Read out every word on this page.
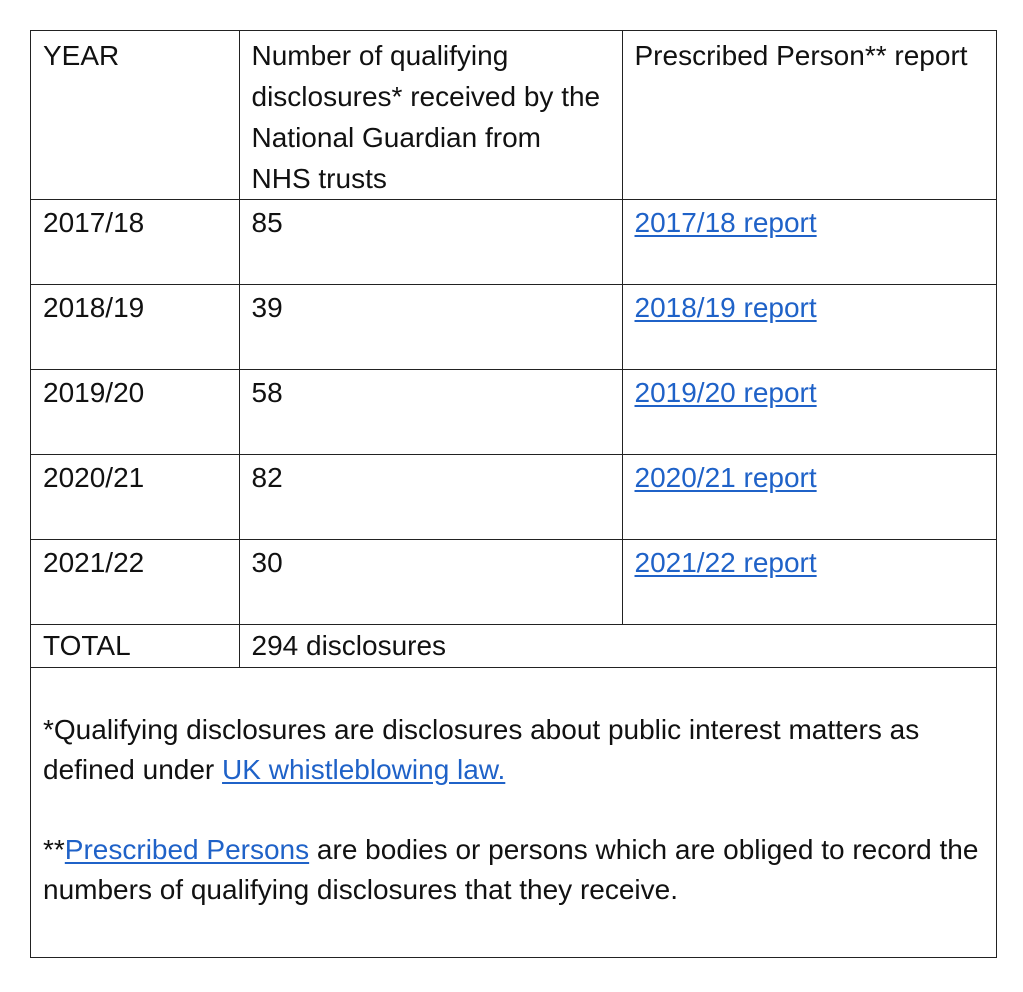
YEAR	Number of qualifying disclosures* received by the National Guardian from NHS trusts	Prescribed Person** report
2017/18	85	2017/18 report
2018/19	39	2018/19 report
2019/20	58	2019/20 report
2020/21	82	2020/21 report
2021/22	30	2021/22 report
TOTAL	294 disclosures	

*Qualifying disclosures are disclosures about public interest matters as defined under UK whistleblowing law.

**Prescribed Persons are bodies or persons which are obliged to record the numbers of qualifying disclosures that they receive.
